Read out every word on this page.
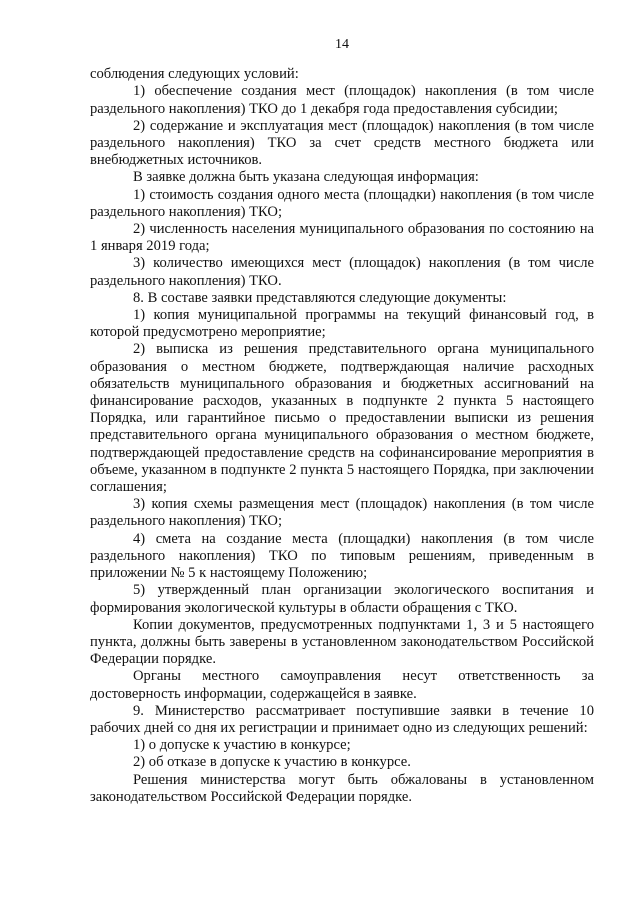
14

соблюдения следующих условий:

1) обеспечение создания мест (площадок) накопления (в том числе раздельного накопления) ТКО до 1 декабря года предоставления субсидии;

2) содержание и эксплуатация мест (площадок) накопления (в том числе раздельного накопления) ТКО за счет средств местного бюджета или внебюджетных источников.

В заявке должна быть указана следующая информация:

1) стоимость создания одного места (площадки) накопления (в том числе раздельного накопления) ТКО;

2) численность населения муниципального образования по состоянию на 1 января 2019 года;

3) количество имеющихся мест (площадок) накопления (в том числе раздельного накопления) ТКО.

8. В составе заявки представляются следующие документы:

1) копия муниципальной программы на текущий финансовый год, в которой предусмотрено мероприятие;

2) выписка из решения представительного органа муниципального образования о местном бюджете, подтверждающая наличие расходных обязательств муниципального образования и бюджетных ассигнований на финансирование расходов, указанных в подпункте 2 пункта 5 настоящего Порядка, или гарантийное письмо о предоставлении выписки из решения представительного органа муниципального образования о местном бюджете, подтверждающей предоставление средств на софинансирование мероприятия в объеме, указанном в подпункте 2 пункта 5 настоящего Порядка, при заключении соглашения;

3) копия схемы размещения мест (площадок) накопления (в том числе раздельного накопления) ТКО;

4) смета на создание места (площадки) накопления (в том числе раздельного накопления) ТКО по типовым решениям, приведенным в приложении № 5 к настоящему Положению;

5) утвержденный план организации экологического воспитания и формирования экологической культуры в области обращения с ТКО.

Копии документов, предусмотренных подпунктами 1, 3 и 5 настоящего пункта, должны быть заверены в установленном законодательством Российской Федерации порядке.

Органы местного самоуправления несут ответственность за достоверность информации, содержащейся в заявке.

9. Министерство рассматривает поступившие заявки в течение 10 рабочих дней со дня их регистрации и принимает одно из следующих решений:

1) о допуске к участию в конкурсе;

2) об отказе в допуске к участию в конкурсе.

Решения министерства могут быть обжалованы в установленном законодательством Российской Федерации порядке.
